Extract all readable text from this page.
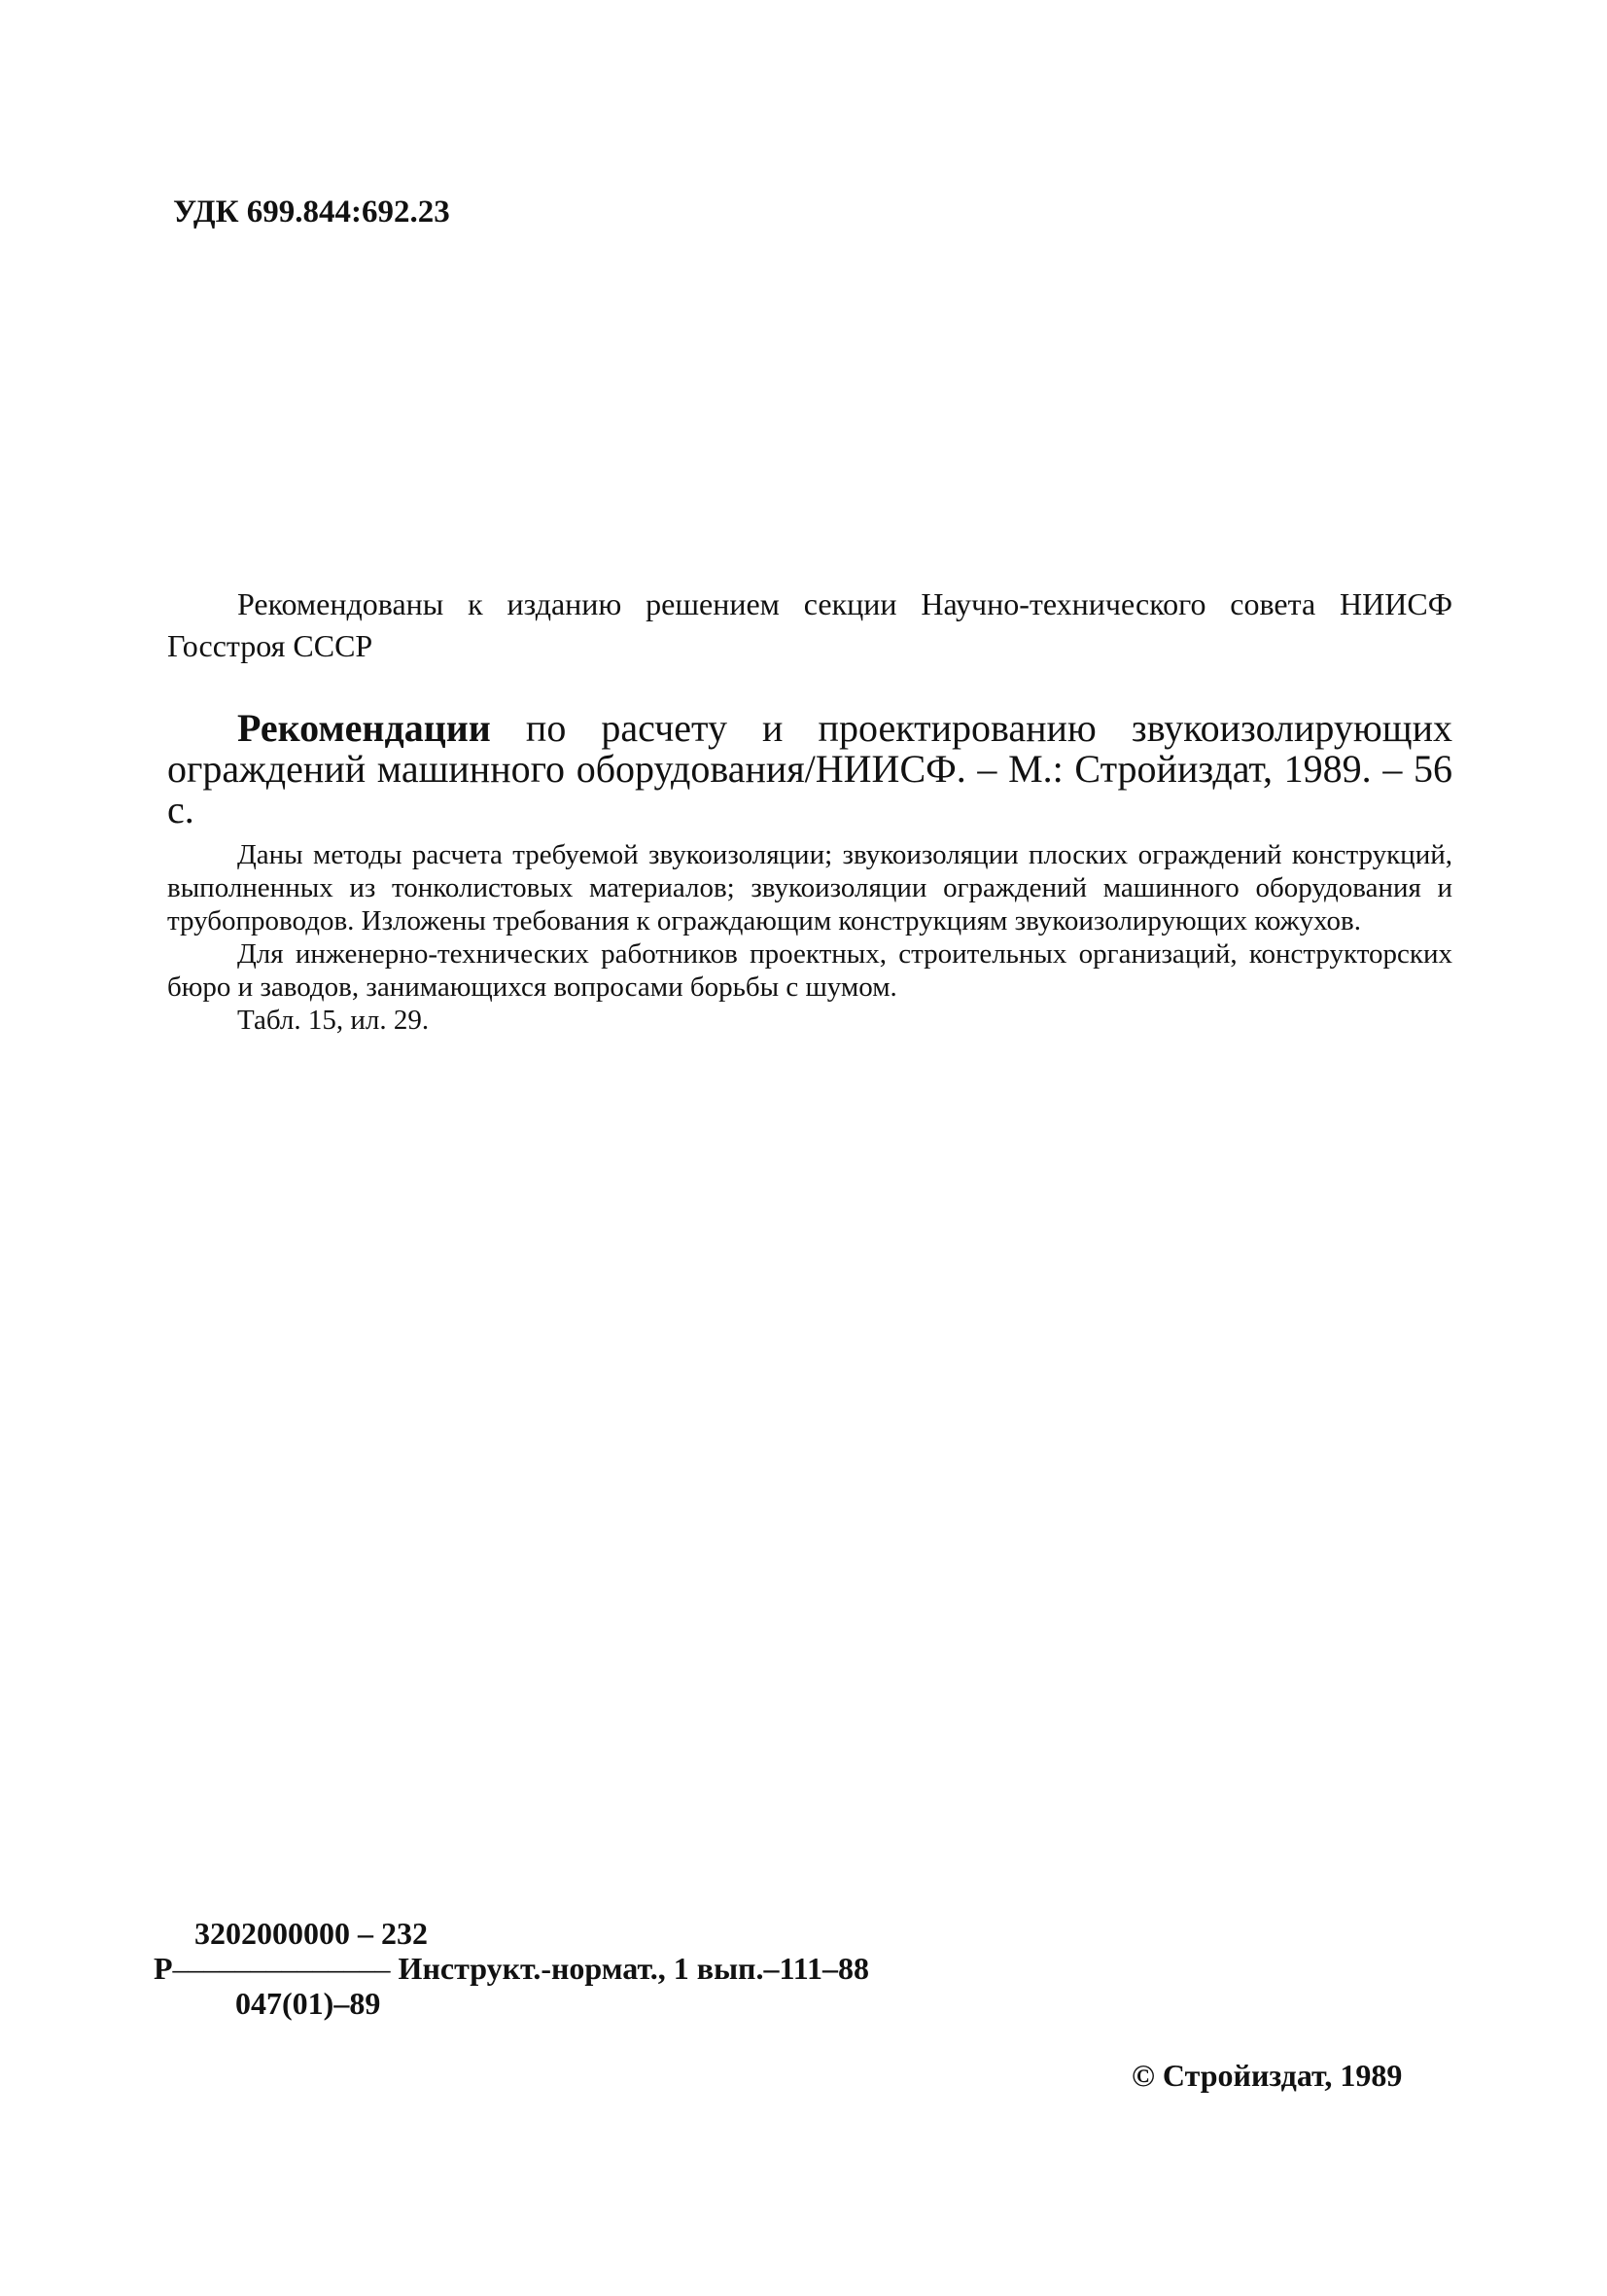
УДК 699.844:692.23

Рекомендованы к изданию решением секции Научно-технического совета НИИСФ Госстроя СССР

Рекомендации по расчету и проектированию звукоизолирующих ограждений машинного оборудования/НИИСФ. – М.: Стройиздат, 1989. – 56 с.

Даны методы расчета требуемой звукоизоляции; звукоизоляции плоских ограждений конструкций, выполненных из тонколистовых материалов; звукоизоляции ограждений машинного оборудования и трубопроводов. Изложены требования к ограждающим конструкциям звукоизолирующих кожухов.

Для инженерно-технических работников проектных, строительных организаций, конструкторских бюро и заводов, занимающихся вопросами борьбы с шумом.

Табл. 15, ил. 29.

3202000000 – 232
Р–––––––––––––– Инструкт.-нормат., 1 вып.–111–88
047(01)–89

© Стройиздат, 1989
